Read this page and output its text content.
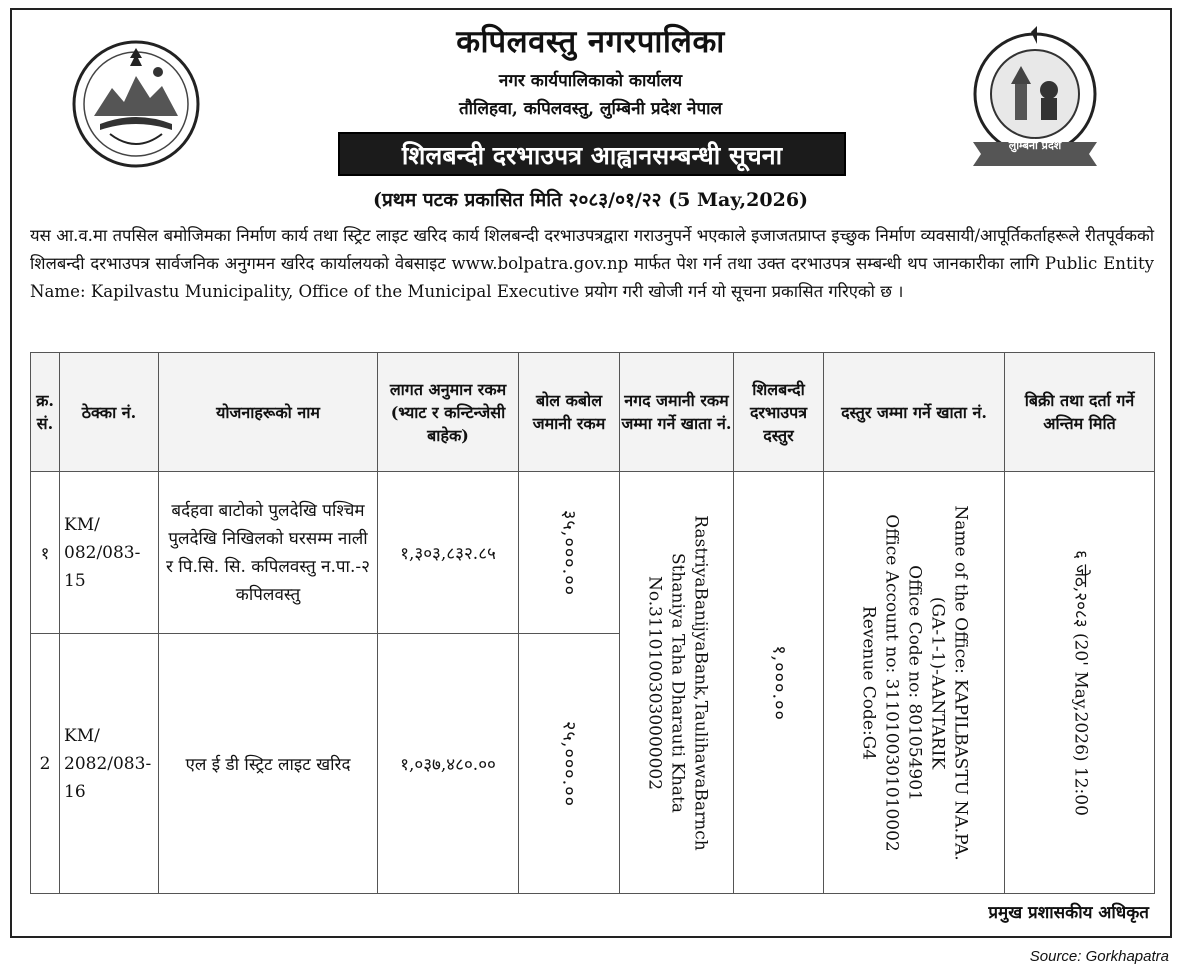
लुम्बिनी प्रदेश
कपिलवस्तु नगरपालिका
नगर कार्यपालिकाको कार्यालय
तौलिहवा, कपिलवस्तु, लुम्बिनी प्रदेश नेपाल
शिलबन्दी दरभाउपत्र आह्वानसम्बन्धी सूचना
(प्रथम पटक प्रकासित मिति २०८३/०१/२२ (5 May,2026)
यस आ.व.मा तपसिल बमोजिमका निर्माण कार्य तथा स्ट्रिट लाइट खरिद कार्य शिलबन्दी दरभाउपत्रद्वारा गराउनुपर्ने भएकाले इजाजतप्राप्त इच्छुक निर्माण व्यवसायी/आपूर्तिकर्ताहरूले रीतपूर्वकको शिलबन्दी दरभाउपत्र सार्वजनिक अनुगमन खरिद कार्यालयको वेबसाइट www.bolpatra.gov.np मार्फत पेश गर्न तथा उक्त दरभाउपत्र सम्बन्धी थप जानकारीका लागि Public Entity Name: Kapilvastu Municipality, Office of the Municipal Executive प्रयोग गरी खोजी गर्न यो सूचना प्रकासित गरिएको छ ।
क्र. सं.	ठेक्का नं.	योजनाहरूको नाम	लागत अनुमान रकम (भ्याट र कन्टिन्जेसी बाहेक)	बोल कबोल जमानी रकम	नगद जमानी रकम जम्मा गर्ने खाता नं.	शिलबन्दी दरभाउपत्र दस्तुर	दस्तुर जम्मा गर्ने खाता नं.	बिक्री तथा दर्ता गर्ने अन्तिम मिति
१	KM/ 082/083- 15	बर्दहवा बाटोको पुलदेखि पश्चिम पुलदेखि निखिलको घरसम्म नाली र पि.सि. सि. कपिलवस्तु न.पा.-२ कपिलवस्तु	१,३०३,८३२.८५	३५,०००.००	RastriyaBanijyaBank,TaulihawaBarnch Sthaniya Taha Dharauti Khata No.31101003030000002	१,०००.००	Name of the Office: KAPILBASTU NA.PA.
(GA-1-1)-AANTARIK
Office Code no: 801054901
Office Account no: 3110100301010002
Revenue Code:G4	६ जेठ,२०८३ (20' May,2026) 12:00

2	KM/ 2082/083- 16	एल ई डी स्ट्रिट लाइट खरिद	१,०३७,४८०.००	२५,०००.००				
प्रमुख प्रशासकीय अधिकृत
Source: Gorkhapatra
